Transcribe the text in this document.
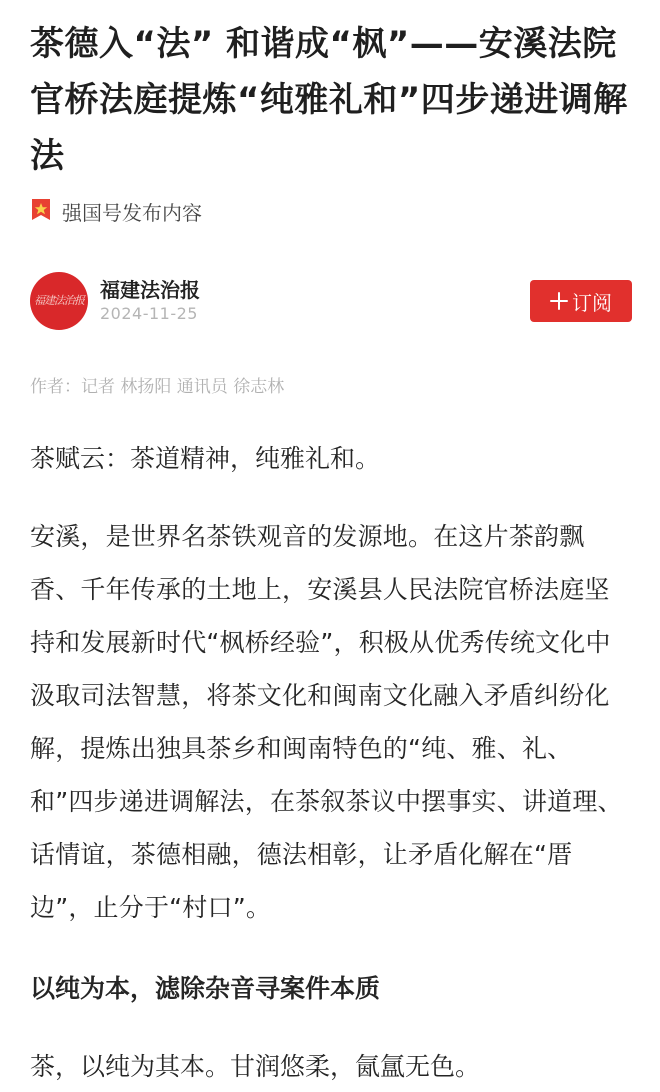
茶德入“法” 和谐成“枫”——安溪法院官桥法庭提炼“纯雅礼和”四步递进调解法
强国号发布内容
福建法治报 福建法治报
2024-11-25	订阅
作者：记者 林扬阳 通讯员 徐志林

茶赋云：茶道精神，纯雅礼和。

安溪，是世界名茶铁观音的发源地。在这片茶韵飘香、千年传承的土地上，安溪县人民法院官桥法庭坚持和发展新时代“枫桥经验”，积极从优秀传统文化中汲取司法智慧，将茶文化和闽南文化融入矛盾纠纷化解，提炼出独具茶乡和闽南特色的“纯、雅、礼、和”四步递进调解法，在茶叙茶议中摆事实、讲道理、话情谊，茶德相融，德法相彰，让矛盾化解在“厝边”，止分于“村口”。

以纯为本，滤除杂音寻案件本质

茶，以纯为其本。甘润悠柔，氤氲无色。
